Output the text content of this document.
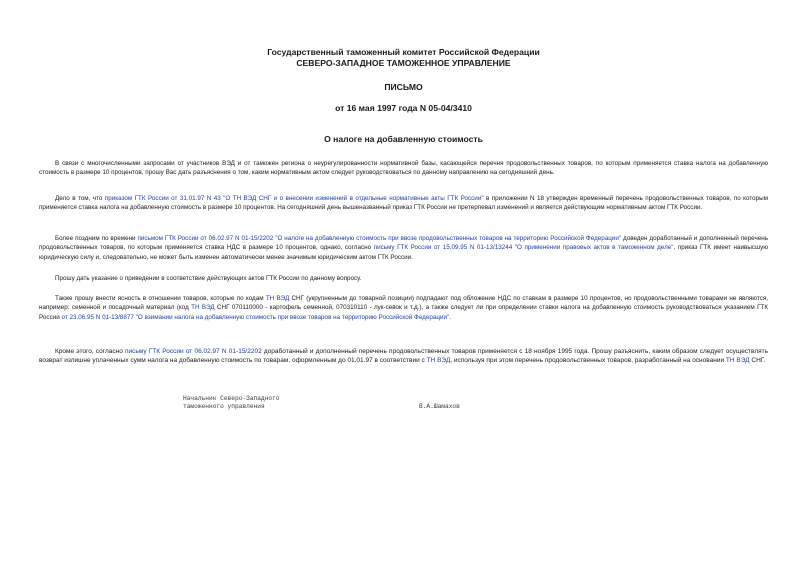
Государственный таможенный комитет Российской Федерации
СЕВЕРО-ЗАПАДНОЕ ТАМОЖЕННОЕ УПРАВЛЕНИЕ
ПИСЬМО
от 16 мая 1997 года N 05-04/3410
О налоге на добавленную стоимость

В связи с многочисленными запросами от участников ВЭД и от таможен региона о неурегулированности нормативной базы, касающейся перечня продовольственных товаров, по которым применяется ставка налога на добавленную стоимость в размере 10 процентов, прошу Вас дать разъяснения о том, каким нормативным актом следует руководствоваться по данному направлению на сегодняшний день.

Дело в том, что приказом ГТК России от 31.01.97 N 43 "О ТН ВЭД СНГ и о внесении изменений в отдельные нормативные акты ГТК России" в приложении N 18 утвержден временный перечень продовольственных товаров, по которым применяется ставка налога на добавленную стоимость в размере 10 процентов. На сегодняшний день вышеназванный приказ ГТК России не претерпевал изменений и является действующим нормативным актом ГТК России.

Более поздним по времени письмом ГТК России от 06.02.97 N 01-15/2202 "О налоге на добавленную стоимость при ввозе продовольственных товаров на территорию Российской Федерации" доведен доработанный и дополненный перечень продовольственных товаров, по которым применяется ставка НДС в размере 10 процентов, однако, согласно письму ГТК России от 15.09.95 N 01-13/13244 "О применении правовых актов в таможенном деле", приказ ГТК имеет наивысшую юридическую силу и, следовательно, не может быть изменен автоматически менее значимым юридическим актом ГТК России.

Прошу дать указание о приведении в соответствие действующих актов ГТК России по данному вопросу.

Также прошу внести ясность в отношении товаров, которые по кодам ТН ВЭД СНГ (укрупненным до товарной позиции) подпадают под обложение НДС по ставкам в размере 10 процентов, но продовольственными товарами не являются, например: семенной и посадочный материал (код ТН ВЭД СНГ 070110000 - картофель семенной, 070310110 - лук-севок и т.д.), а также следует ли при определении ставки налога на добавленную стоимость руководствоваться указанием ГТК России от 23.06.95 N 01-13/8877 "О взимании налога на добавленную стоимость при ввозе товаров на территорию Российской Федерации".

Кроме этого, согласно письму ГТК России от 06.02.97 N 01-15/2202 доработанный и дополненный перечень продовольственных товаров применяется с 18 ноября 1995 года. Прошу разъяснить, каким образом следует осуществлять возврат излишне уплаченных сумм налога на добавленную стоимость по товарам, оформленным до 01.01.97 в соответствии с ТН ВЭД, используя при этом перечень продовольственных товаров, разработанный на основании ТН ВЭД СНГ.

Начальник Северо-Западного
таможенного управления	В.А.Шамахов
